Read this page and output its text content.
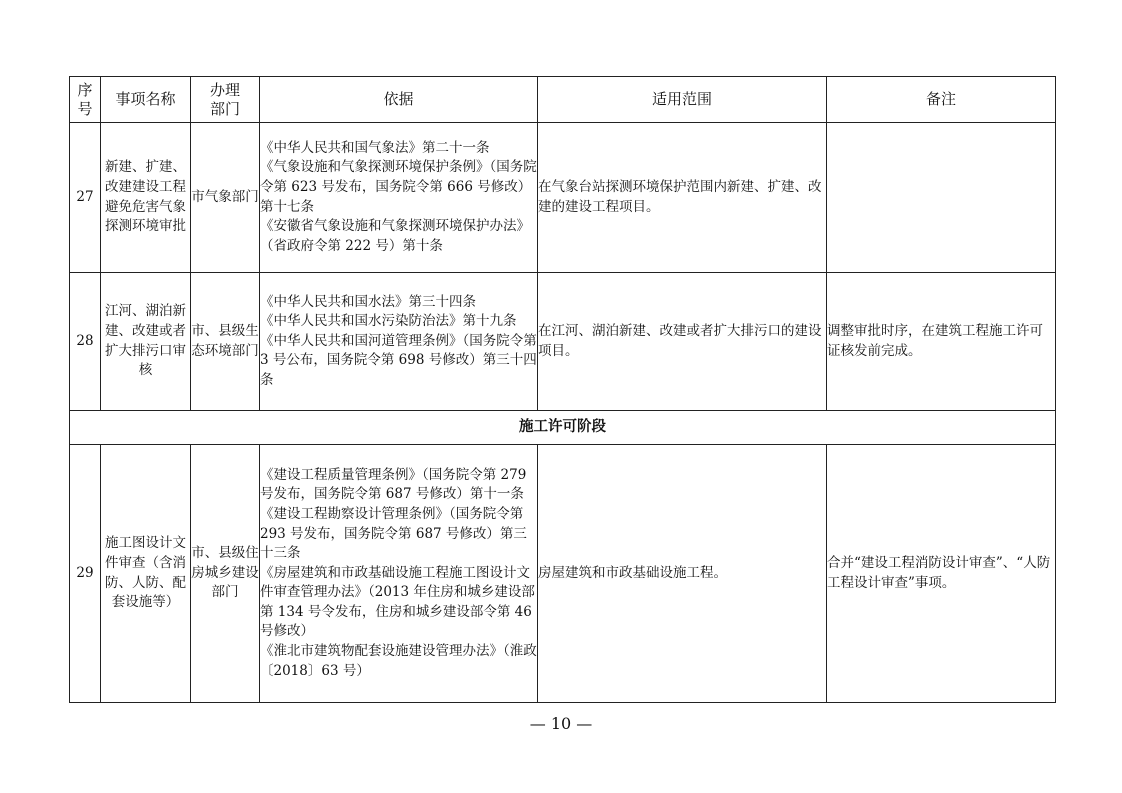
序号	事项名称	办理部门	依据	适用范围	备注
27	新建、扩建、改建建设工程避免危害气象探测环境审批	市气象部门	《中华人民共和国气象法》第二十一条
《气象设施和气象探测环境保护条例》（国务院令第 623 号发布，国务院令第 666 号修改）第十七条
《安徽省气象设施和气象探测环境保护办法》（省政府令第 222 号）第十条	在气象台站探测环境保护范围内新建、扩建、改建的建设工程项目。	
28	江河、湖泊新建、改建或者扩大排污口审核	市、县级生态环境部门	《中华人民共和国水法》第三十四条
《中华人民共和国水污染防治法》第十九条
《中华人民共和国河道管理条例》（国务院令第 3 号公布，国务院令第 698 号修改）第三十四条	在江河、湖泊新建、改建或者扩大排污口的建设项目。	调整审批时序，在建筑工程施工许可证核发前完成。
施工许可阶段					
29	施工图设计文件审查（含消防、人防、配套设施等）	市、县级住房城乡建设部门	《建设工程质量管理条例》（国务院令第 279 号发布，国务院令第 687 号修改）第十一条
《建设工程勘察设计管理条例》（国务院令第 293 号发布，国务院令第 687 号修改）第三十三条
《房屋建筑和市政基础设施工程施工图设计文件审查管理办法》（2013 年住房和城乡建设部第 134 号令发布，住房和城乡建设部令第 46 号修改）
《淮北市建筑物配套设施建设管理办法》（淮政〔2018〕63 号）	房屋建筑和市政基础设施工程。	合并“建设工程消防设计审查”、“人防工程设计审查”事项。
— 10 —
